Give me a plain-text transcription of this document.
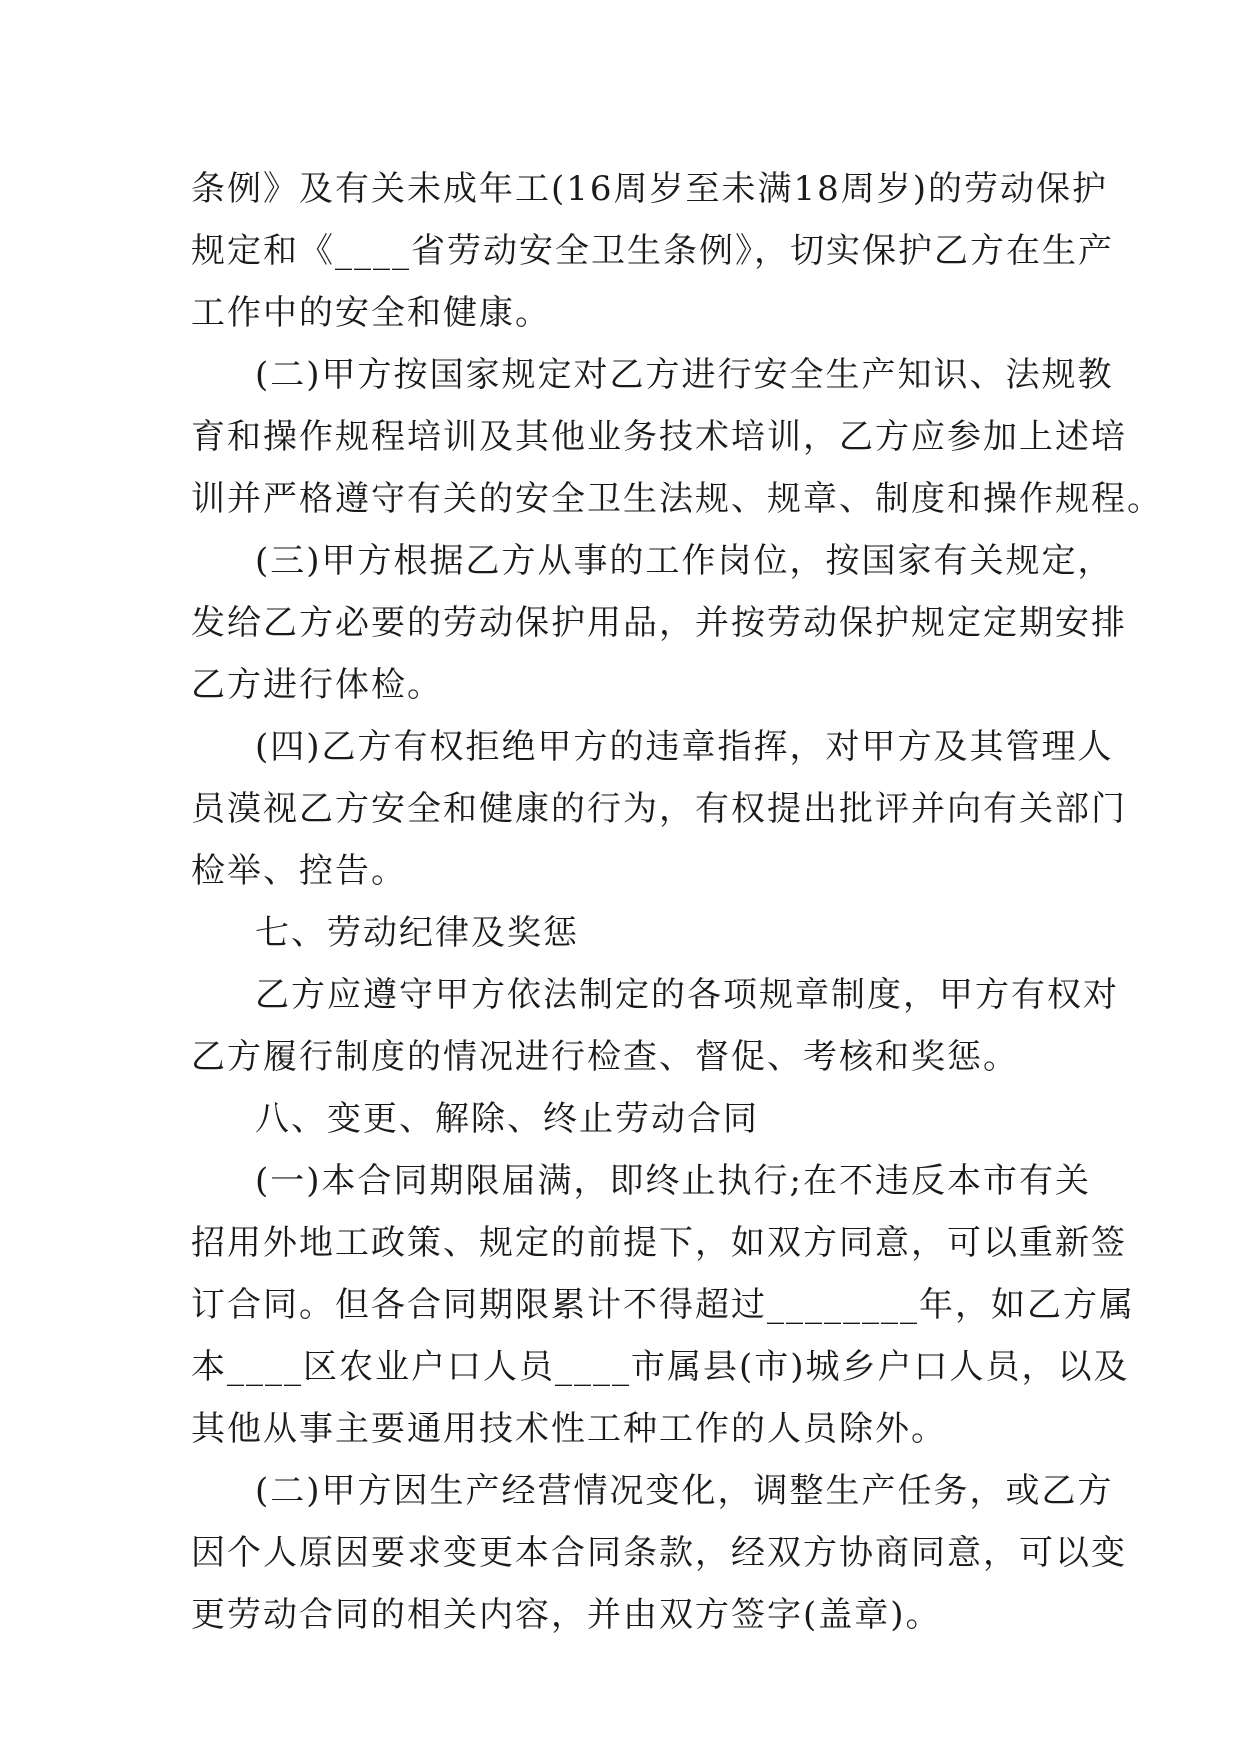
条例》及有关未成年工(16周岁至未满18周岁)的劳动保护
规定和《____省劳动安全卫生条例》，切实保护乙方在生产
工作中的安全和健康。
(二)甲方按国家规定对乙方进行安全生产知识、法规教
育和操作规程培训及其他业务技术培训，乙方应参加上述培
训并严格遵守有关的安全卫生法规、规章、制度和操作规程。
(三)甲方根据乙方从事的工作岗位，按国家有关规定，
发给乙方必要的劳动保护用品，并按劳动保护规定定期安排
乙方进行体检。
(四)乙方有权拒绝甲方的违章指挥，对甲方及其管理人
员漠视乙方安全和健康的行为，有权提出批评并向有关部门
检举、控告。
七、劳动纪律及奖惩
乙方应遵守甲方依法制定的各项规章制度，甲方有权对
乙方履行制度的情况进行检查、督促、考核和奖惩。
八、变更、解除、终止劳动合同
(一)本合同期限届满，即终止执行;在不违反本市有关
招用外地工政策、规定的前提下，如双方同意，可以重新签
订合同。但各合同期限累计不得超过________年，如乙方属
本____区农业户口人员____市属县(市)城乡户口人员，以及
其他从事主要通用技术性工种工作的人员除外。
(二)甲方因生产经营情况变化，调整生产任务，或乙方
因个人原因要求变更本合同条款，经双方协商同意，可以变
更劳动合同的相关内容，并由双方签字(盖章)。
